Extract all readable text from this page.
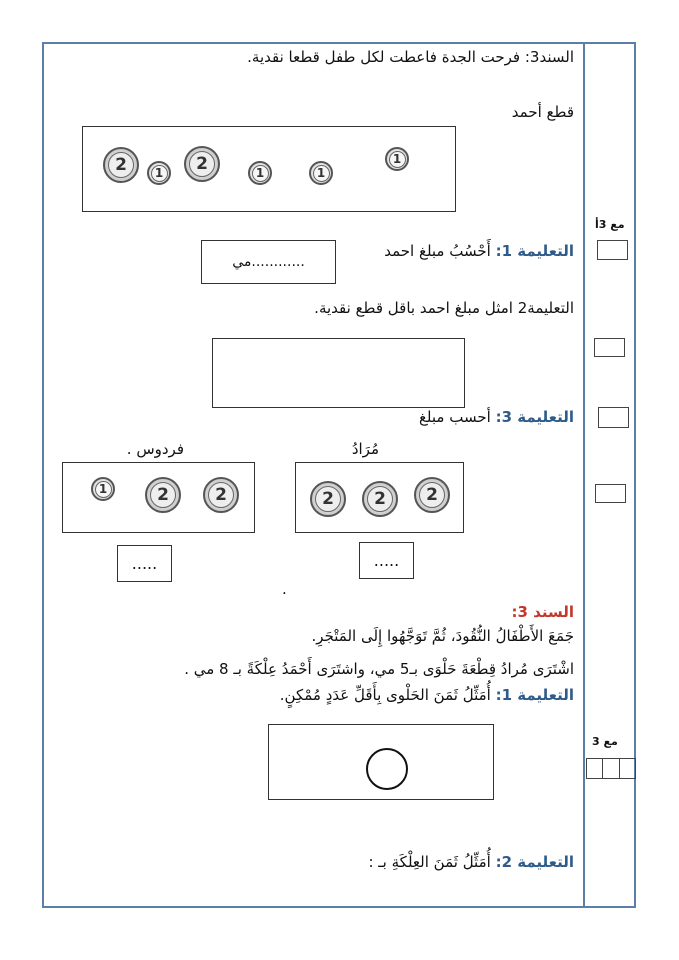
السند3: فرحت الجدة فاعطت لكل طفل قطعا نقدية.
قطع أحمد
2	1	2	1	1
1
التعليمة 1: أَحْسُبُ مبلغ احمد
............مي
التعليمة2 امثل مبلغ احمد باقل قطع نقدية.
التعليمة 3: أحسب مبلغ
مُرَادُ
فردوس .
1	2	2	2	2	2
.....	.....
.
السند 3:
جَمَعَ الأَطْفَالُ النُّقُودَ، ثُمَّ تَوَجَّهُوا إِلَى المَتْجَرِ.
اشْتَرَى مُرادُ قِطْعَةَ حَلْوَى بـ5 مي، واشتَرَى أَحْمَدُ عِلْكَةً بـ 8 مي .
التعليمة 1: أُمَثِّلُ ثَمَنَ الحَلْوى بِأَقَلِّ عَدَدٍ مُمْكِنٍ.
التعليمة 2: أُمَثِّلُ ثَمَنَ العِلْكَةِ بـ :
مع 3أ
مع 3
